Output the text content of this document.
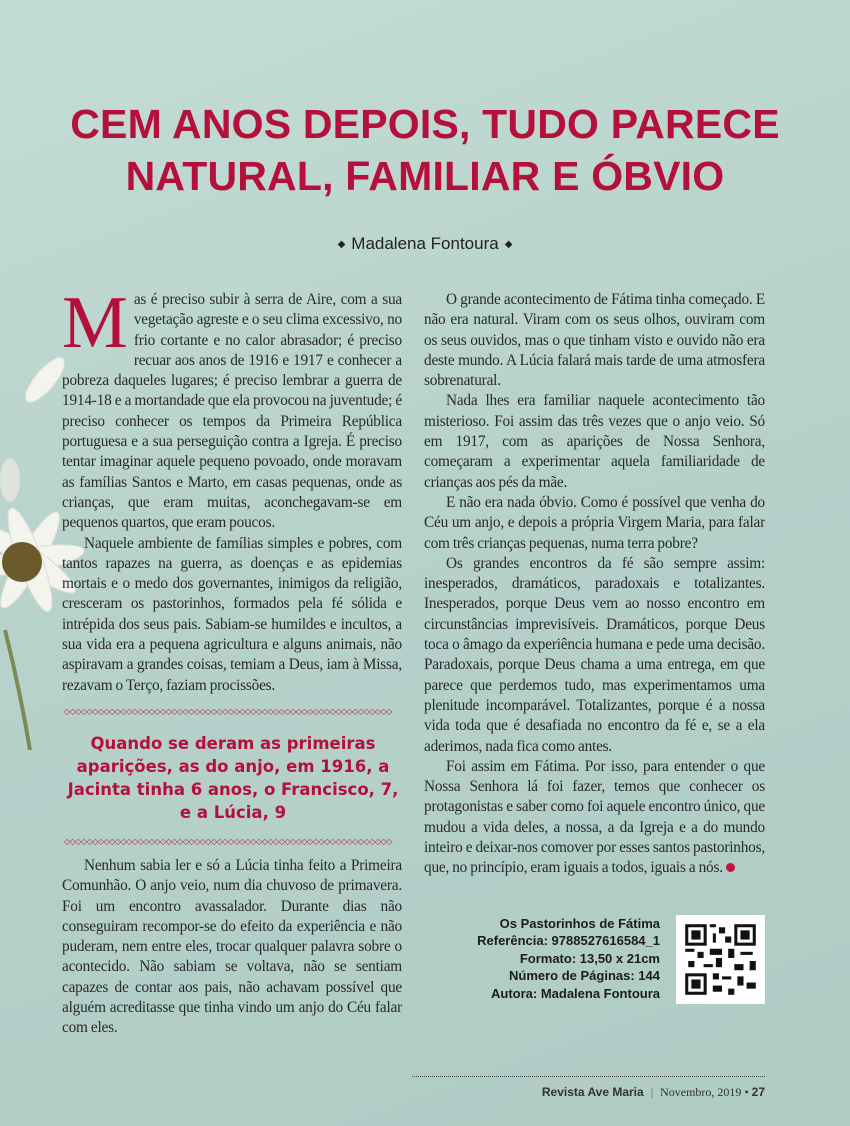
CEM ANOS DEPOIS, TUDO PARECE
NATURAL, FAMILIAR E ÓBVIO
◆ Madalena Fontoura ◆

Mas é preciso subir à serra de Aire, com a sua vegetação agreste e o seu clima excessivo, no frio cortante e no calor abrasador; é preciso recuar aos anos de 1916 e 1917 e conhecer a pobreza daqueles lugares; é preciso lembrar a guerra de 1914-18 e a mortandade que ela provocou na juventude; é preciso conhecer os tempos da Primeira República portuguesa e a sua perseguição contra a Igreja. É preciso tentar imaginar aquele pequeno povoado, onde moravam as famílias Santos e Marto, em casas pequenas, onde as crianças, que eram muitas, aconchegavam-se em pequenos quartos, que eram poucos.

Naquele ambiente de famílias simples e pobres, com tantos rapazes na guerra, as doenças e as epidemias mortais e o medo dos governantes, inimigos da religião, cresceram os pastorinhos, formados pela fé sólida e intrépida dos seus pais. Sabiam-se humildes e incultos, a sua vida era a pequena agricultura e alguns animais, não aspiravam a grandes coisas, temiam a Deus, iam à Missa, rezavam o Terço, faziam procissões.

◇◇◇◇◇◇◇◇◇◇◇◇◇◇◇◇◇◇◇◇◇◇◇◇◇◇◇◇◇◇◇◇◇◇◇◇◇◇◇◇◇◇◇◇◇◇◇◇◇◇◇◇◇◇◇◇◇◇
Quando se deram as primeiras aparições, as do anjo, em 1916, a Jacinta tinha 6 anos, o Francisco, 7, e a Lúcia, 9
◇◇◇◇◇◇◇◇◇◇◇◇◇◇◇◇◇◇◇◇◇◇◇◇◇◇◇◇◇◇◇◇◇◇◇◇◇◇◇◇◇◇◇◇◇◇◇◇◇◇◇◇◇◇◇◇◇◇

Nenhum sabia ler e só a Lúcia tinha feito a Primeira Comunhão. O anjo veio, num dia chuvoso de primavera. Foi um encontro avassalador. Durante dias não conseguiram recompor-se do efeito da experiência e não puderam, nem entre eles, trocar qualquer palavra sobre o acontecido. Não sabiam se voltava, não se sentiam capazes de contar aos pais, não achavam possível que alguém acreditasse que tinha vindo um anjo do Céu falar com eles.

O grande acontecimento de Fátima tinha começado. E não era natural. Viram com os seus olhos, ouviram com os seus ouvidos, mas o que tinham visto e ouvido não era deste mundo. A Lúcia falará mais tarde de uma atmosfera sobrenatural.

Nada lhes era familiar naquele acontecimento tão misterioso. Foi assim das três vezes que o anjo veio. Só em 1917, com as aparições de Nossa Senhora, começaram a experimentar aquela familiaridade de crianças aos pés da mãe.

E não era nada óbvio. Como é possível que venha do Céu um anjo, e depois a própria Virgem Maria, para falar com três crianças pequenas, numa terra pobre?

Os grandes encontros da fé são sempre assim: inesperados, dramáticos, paradoxais e totalizantes. Inesperados, porque Deus vem ao nosso encontro em circunstâncias imprevisíveis. Dramáticos, porque Deus toca o âmago da experiência humana e pede uma decisão. Paradoxais, porque Deus chama a uma entrega, em que parece que perdemos tudo, mas experimentamos uma plenitude incomparável. Totalizantes, porque é a nossa vida toda que é desafiada no encontro da fé e, se a ela aderimos, nada fica como antes.

Foi assim em Fátima. Por isso, para entender o que Nossa Senhora lá foi fazer, temos que conhecer os protagonistas e saber como foi aquele encontro único, que mudou a vida deles, a nossa, a da Igreja e a do mundo inteiro e deixar-nos comover por esses santos pastorinhos, que, no princípio, eram iguais a todos, iguais a nós.

Os Pastorinhos de Fátima
Referência: 9788527616584_1
Formato: 13,50 x 21cm
Número de Páginas: 144
Autora: Madalena Fontoura
Revista Ave Maria | Novembro, 2019 • 27
